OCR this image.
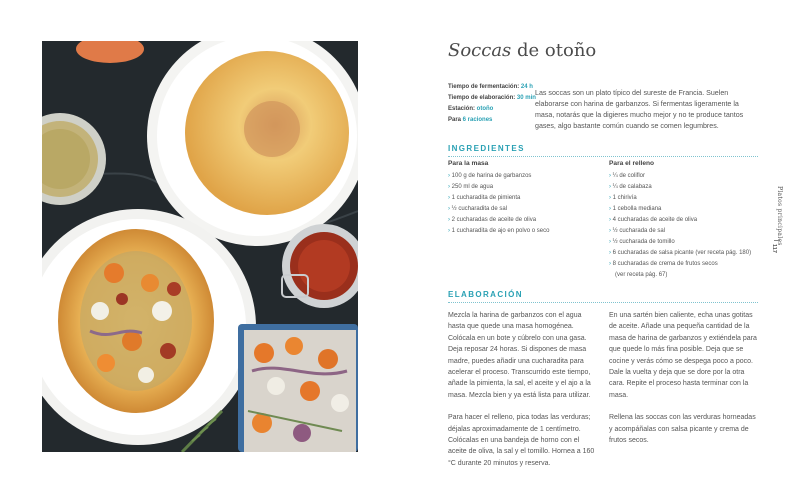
Soccas de otoño
Tiempo de fermentación: 24 h
Tiempo de elaboración: 30 min
Estación: otoño
Para 6 raciones

Las soccas son un plato típico del sureste de Francia. Suelen elaborarse con harina de garbanzos. Si fermentas ligeramente la masa, notarás que la digieres mucho mejor y no te produce tantos gases, algo bastante común cuando se comen legumbres.

INGREDIENTES
Para la masa
› 100 g de harina de garbanzos
› 250 ml de agua
› 1 cucharadita de pimienta
› ½ cucharadita de sal
› 2 cucharadas de aceite de oliva
› 1 cucharadita de ajo en polvo o seco
Para el relleno
› ¼ de coliflor
› ¼ de calabaza
› 1 chirivía
› 1 cebolla mediana
› 4 cucharadas de aceite de oliva
› ½ cucharada de sal
› ½ cucharada de tomillo
› 6 cucharadas de salsa picante (ver receta pág. 180)
› 8 cucharadas de crema de frutos secos
(ver receta pág. 67)
ELABORACIÓN

Mezcla la harina de garbanzos con el agua hasta que quede una masa homogénea. Colócala en un bote y cúbrelo con una gasa. Deja reposar 24 horas. Si dispones de masa madre, puedes añadir una cucharadita para acelerar el proceso. Transcurrido este tiempo, añade la pimienta, la sal, el aceite y el ajo a la masa. Mezcla bien y ya está lista para utilizar.

Para hacer el relleno, pica todas las verduras; déjalas aproximadamente de 1 centímetro. Colócalas en una bandeja de horno con el aceite de oliva, la sal y el tomillo. Hornea a 160 °C durante 20 minutos y reserva.

En una sartén bien caliente, echa unas gotitas de aceite. Añade una pequeña cantidad de la masa de harina de garbanzos y extiéndela para que quede lo más fina posible. Deja que se cocine y verás cómo se despega poco a poco. Dale la vuelta y deja que se dore por la otra cara. Repite el proceso hasta terminar con la masa.

Rellena las soccas con las verduras horneadas y acompáñalas con salsa picante y crema de frutos secos.

Platos principales
117
